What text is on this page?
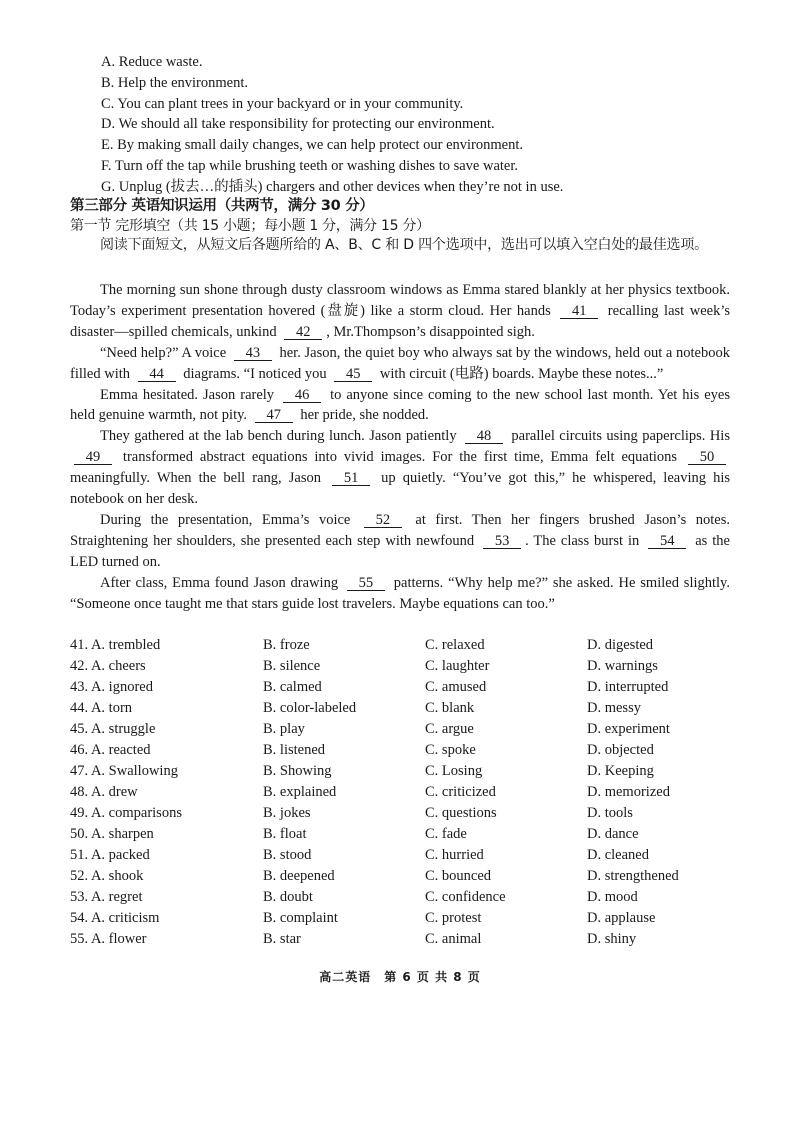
A. Reduce waste.
B. Help the environment.
C. You can plant trees in your backyard or in your community.
D. We should all take responsibility for protecting our environment.
E. By making small daily changes, we can help protect our environment.
F. Turn off the tap while brushing teeth or washing dishes to save water.
G. Unplug (拔去…的插头) chargers and other devices when they’re not in use.
第三部分 英语知识运用（共两节，满分 30 分）
第一节 完形填空（共 15 小题；每小题 1 分，满分 15 分）
阅读下面短文，从短文后各题所给的 A、B、C 和 D 四个选项中，选出可以填入空白处的最佳选项。

The morning sun shone through dusty classroom windows as Emma stared blankly at her physics textbook. Today’s experiment presentation hovered (盘旋) like a storm cloud. Her hands 41 recalling last week’s disaster—spilled chemicals, unkind 42 , Mr.Thompson’s disappointed sigh.

“Need help?” A voice 43 her. Jason, the quiet boy who always sat by the windows, held out a notebook filled with 44 diagrams. “I noticed you 45 with circuit (电路) boards. Maybe these notes...”

Emma hesitated. Jason rarely 46 to anyone since coming to the new school last month. Yet his eyes held genuine warmth, not pity. 47 her pride, she nodded.

They gathered at the lab bench during lunch. Jason patiently 48 parallel circuits using paperclips. His 49 transformed abstract equations into vivid images. For the first time, Emma felt equations 50 meaningfully. When the bell rang, Jason 51 up quietly. “You’ve got this,” he whispered, leaving his notebook on her desk.

During the presentation, Emma’s voice 52 at first. Then her fingers brushed Jason’s notes. Straightening her shoulders, she presented each step with newfound 53 . The class burst in 54 as the LED turned on.

After class, Emma found Jason drawing 55 patterns. “Why help me?” she asked. He smiled slightly. “Someone once taught me that stars guide lost travelers. Maybe equations can too.”

41. A. trembled	B. froze	C. relaxed	D. digested
42. A. cheers	B. silence	C. laughter	D. warnings
43. A. ignored	B. calmed	C. amused	D. interrupted
44. A. torn	B. color-labeled	C. blank	D. messy
45. A. struggle	B. play	C. argue	D. experiment
46. A. reacted	B. listened	C. spoke	D. objected
47. A. Swallowing	B. Showing	C. Losing	D. Keeping
48. A. drew	B. explained	C. criticized	D. memorized
49. A. comparisons	B. jokes	C. questions	D. tools
50. A. sharpen	B. float	C. fade	D. dance
51. A. packed	B. stood	C. hurried	D. cleaned
52. A. shook	B. deepened	C. bounced	D. strengthened
53. A. regret	B. doubt	C. confidence	D. mood
54. A. criticism	B. complaint	C. protest	D. applause
55. A. flower	B. star	C. animal	D. shiny
高二英语　第 6 页 共 8 页
